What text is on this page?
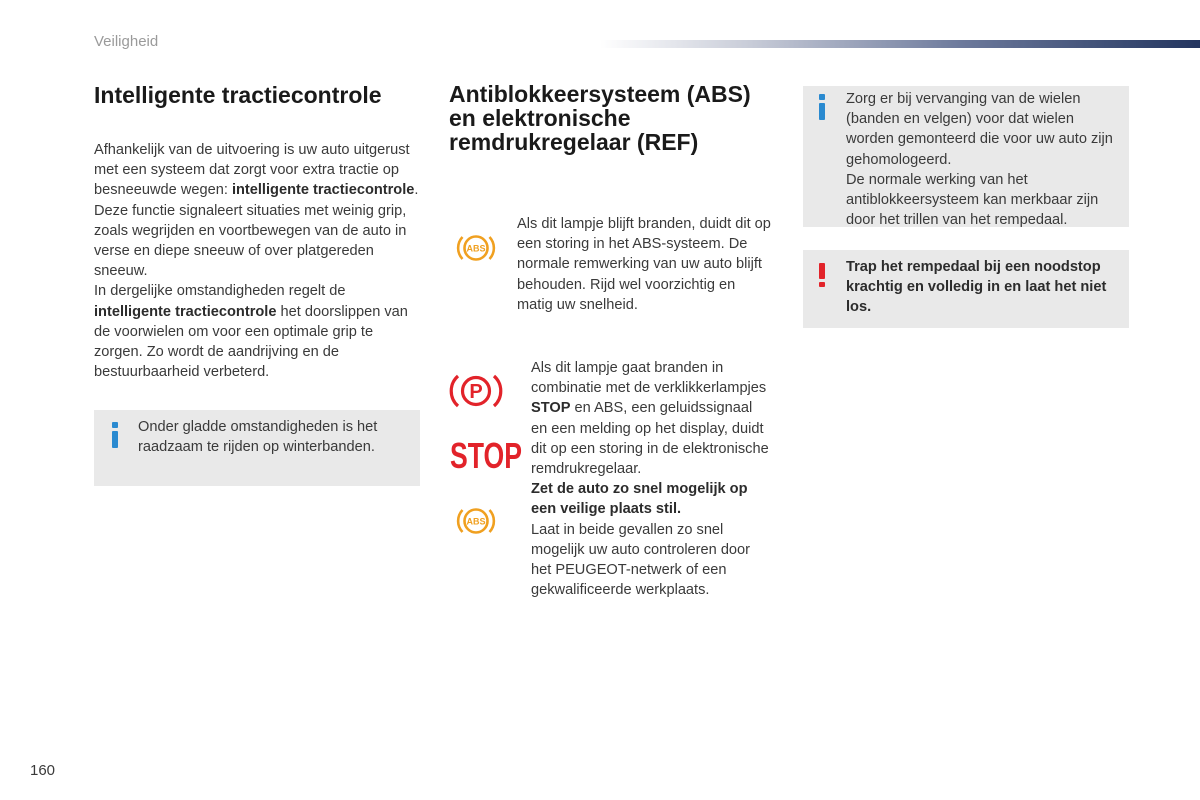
Veiligheid
Intelligente tractiecontrole

Afhankelijk van de uitvoering is uw auto uitgerust met een systeem dat zorgt voor extra tractie op besneeuwde wegen: intelligente tractiecontrole.

Deze functie signaleert situaties met weinig grip, zoals wegrijden en voortbewegen van de auto in verse en diepe sneeuw of over platgereden sneeuw.

In dergelijke omstandigheden regelt de intelligente tractiecontrole het doorslippen van de voorwielen om voor een optimale grip te zorgen. Zo wordt de aandrijving en de bestuurbaarheid verbeterd.

Onder gladde omstandigheden is het raadzaam te rijden op winterbanden.
Antiblokkeersysteem (ABS) en elektronische remdrukregelaar (REF)
ABS
Als dit lampje blijft branden, duidt dit op een storing in het ABS-systeem. De normale remwerking van uw auto blijft behouden. Rijd wel voorzichtig en matig uw snelheid.
P
STOP
ABS

Als dit lampje gaat branden in combinatie met de verklikkerlampjes STOP en ABS, een geluidssignaal en een melding op het display, duidt dit op een storing in de elektronische remdrukregelaar.

Zet de auto zo snel mogelijk op een veilige plaats stil.

Laat in beide gevallen zo snel mogelijk uw auto controleren door het PEUGEOT-netwerk of een gekwalificeerde werkplaats.

Zorg er bij vervanging van de wielen (banden en velgen) voor dat wielen worden gemonteerd die voor uw auto zijn gehomologeerd.
De normale werking van het antiblokkeersysteem kan merkbaar zijn door het trillen van het rempedaal.
Trap het rempedaal bij een noodstop krachtig en volledig in en laat het niet los.
160
